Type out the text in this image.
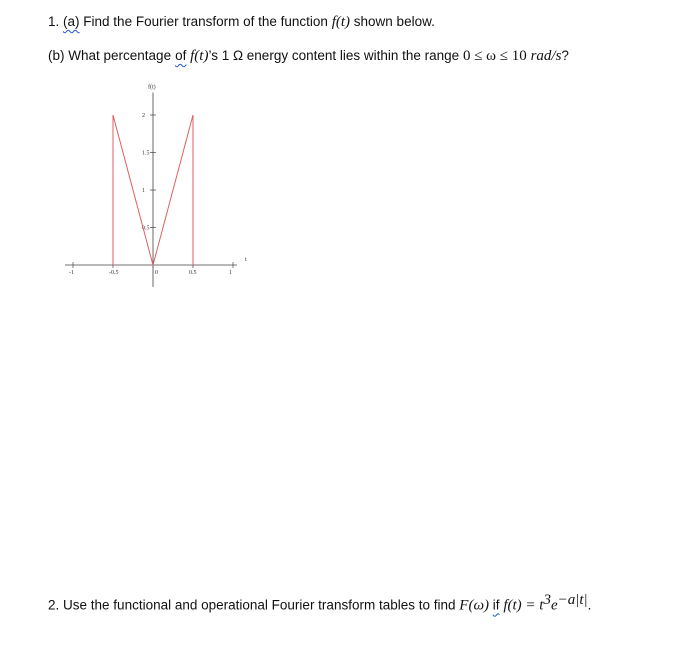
1. (a) Find the Fourier transform of the function f(t) shown below.
(b) What percentage of f(t)’s 1 Ω energy content lies within the range 0 ≤ ω ≤ 10 rad/s?
-1	-0.5	0	0.5	1
0.5
1
1.5
2
f(t)
t
2. Use the functional and operational Fourier transform tables to find F(ω) if $f(t) = t^3e^{-a|t|}$.
